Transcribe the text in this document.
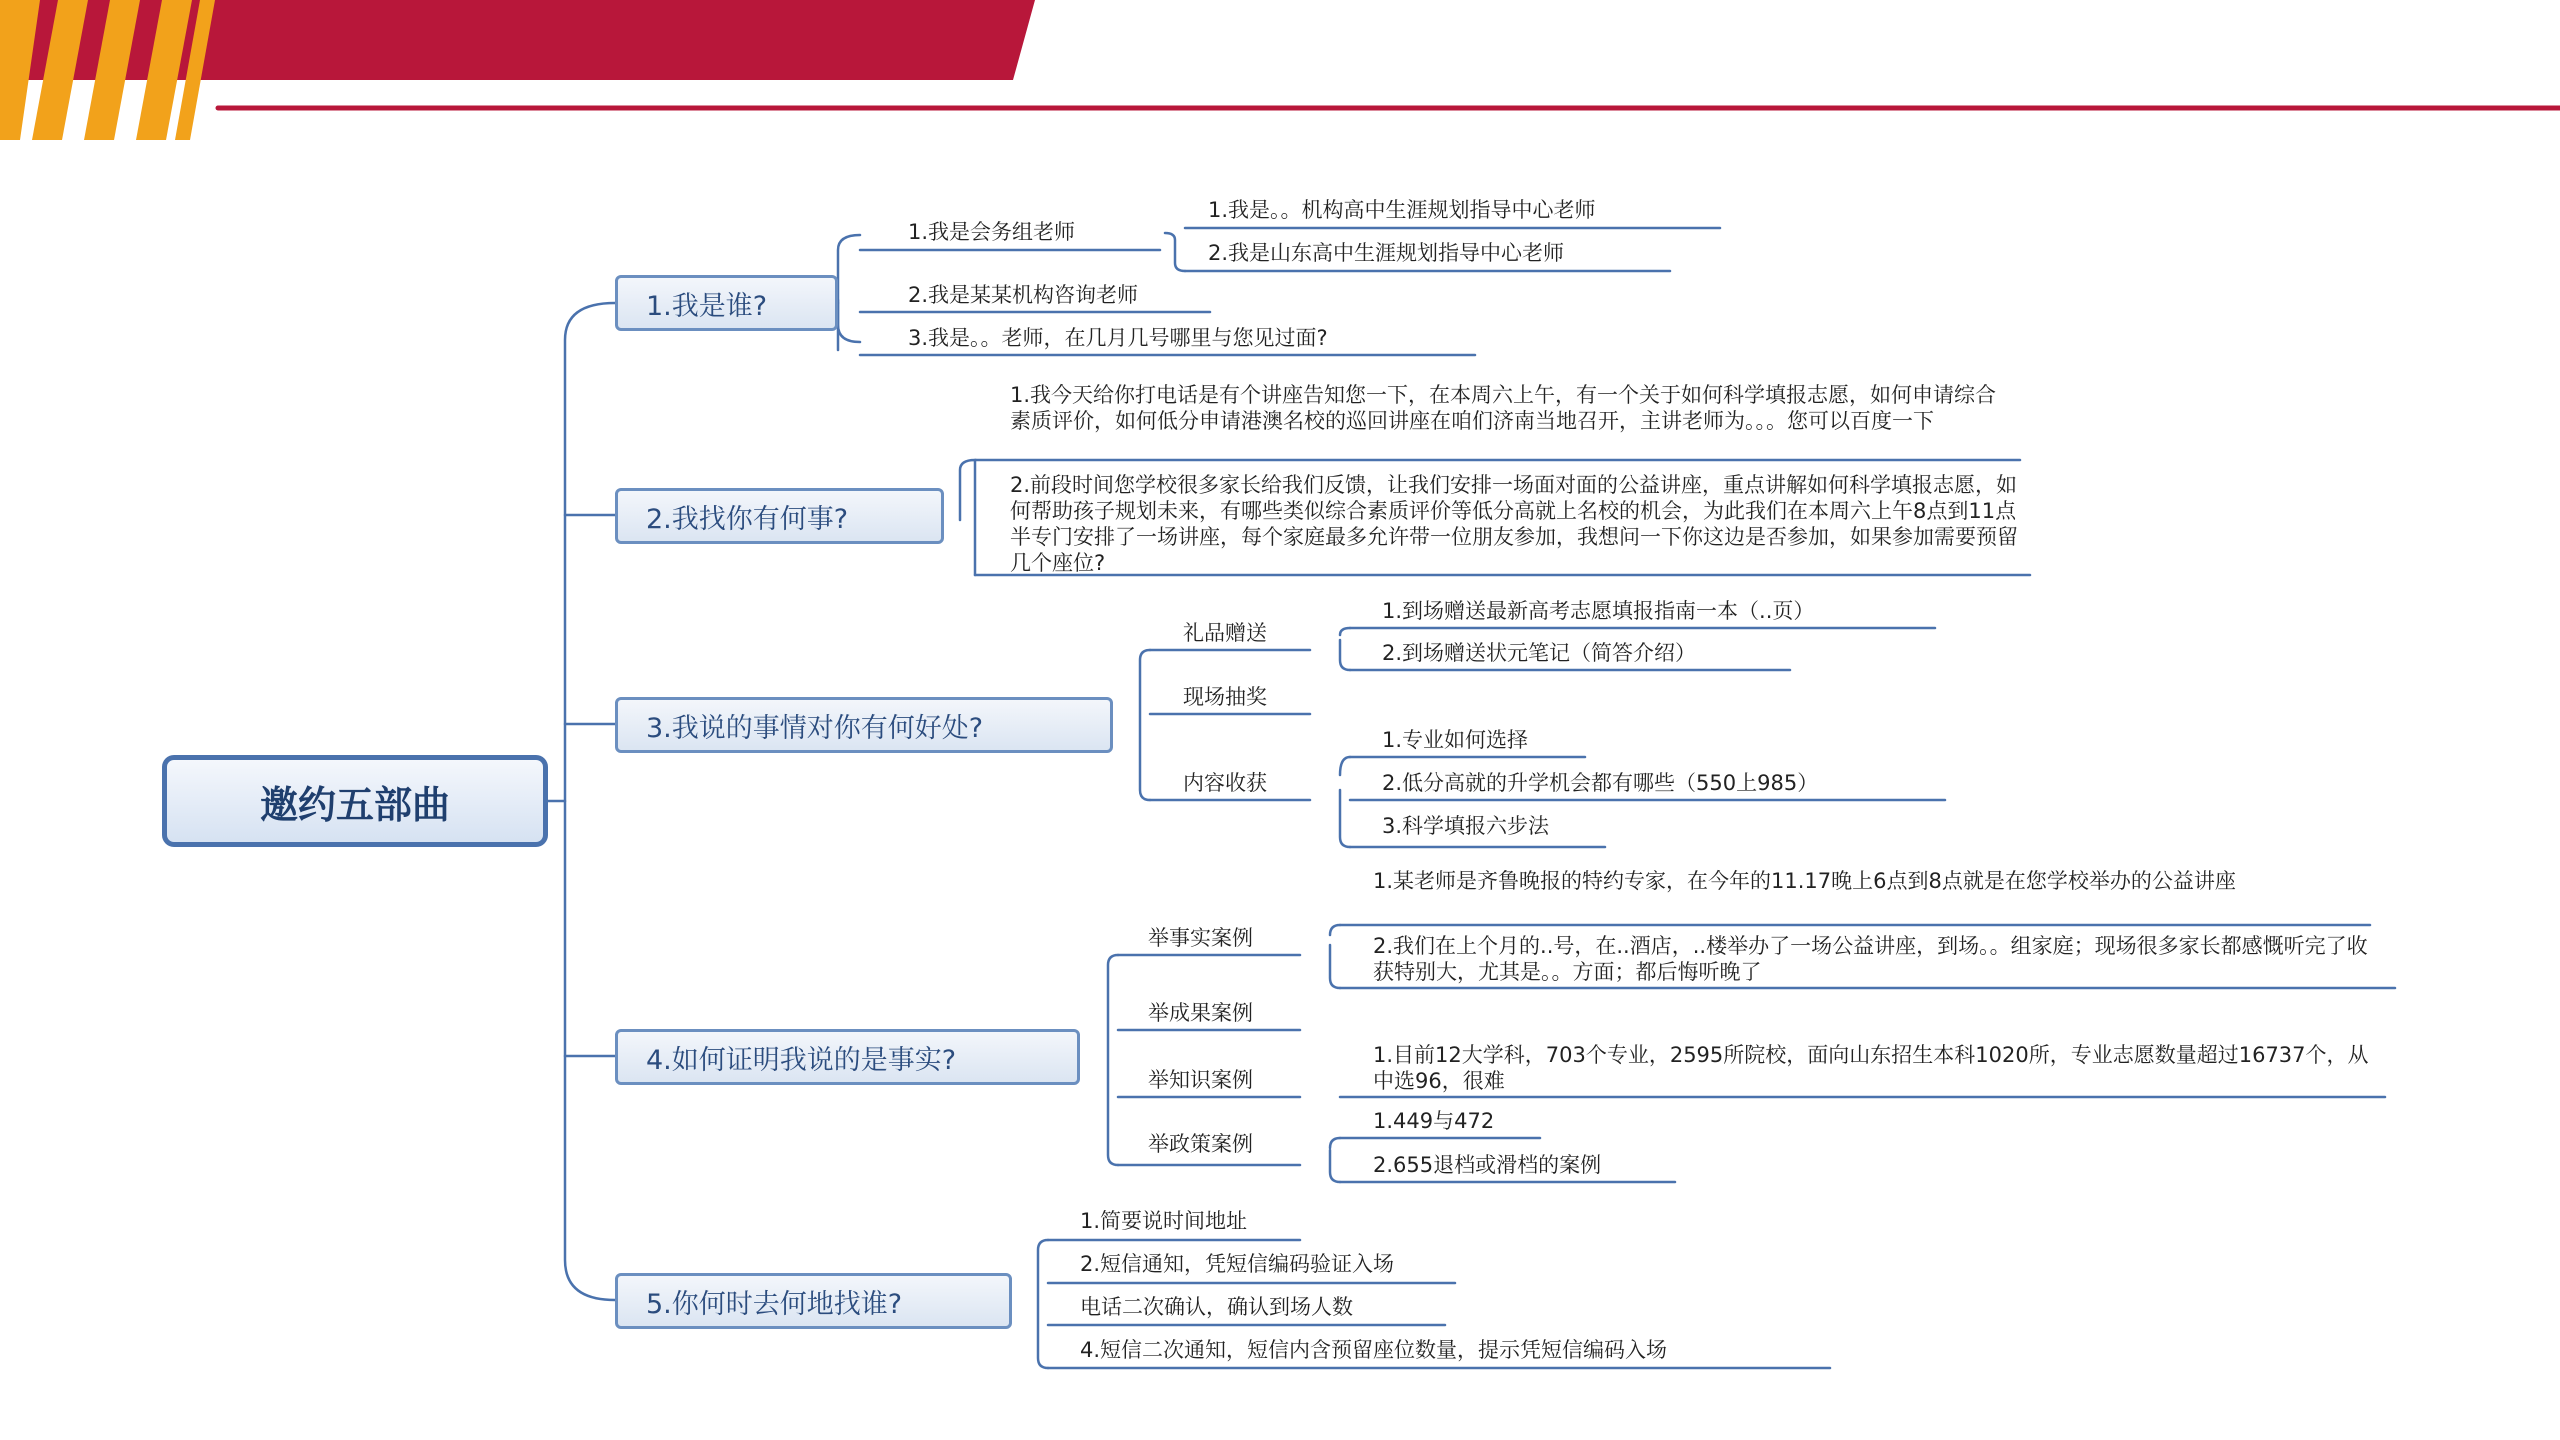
邀约五部曲
1.我是谁?
2.我找你有何事?
3.我说的事情对你有何好处?
4.如何证明我说的是事实?
5.你何时去何地找谁?
1.我是会务组老师
1.我是。。机构高中生涯规划指导中心老师
2.我是山东高中生涯规划指导中心老师
2.我是某某机构咨询老师
3.我是。。老师，在几月几号哪里与您见过面?
1.我今天给你打电话是有个讲座告知您一下，在本周六上午，有一个关于如何科学填报志愿，如何申请综合素质评价，如何低分申请港澳名校的巡回讲座在咱们济南当地召开，主讲老师为。。。您可以百度一下
2.前段时间您学校很多家长给我们反馈，让我们安排一场面对面的公益讲座，重点讲解如何科学填报志愿，如何帮助孩子规划未来，有哪些类似综合素质评价等低分高就上名校的机会，为此我们在本周六上午8点到11点半专门安排了一场讲座，每个家庭最多允许带一位朋友参加，我想问一下你这边是否参加，如果参加需要预留几个座位?
礼品赠送
1.到场赠送最新高考志愿填报指南一本（..页）
2.到场赠送状元笔记（简答介绍）
现场抽奖
内容收获
1.专业如何选择
2.低分高就的升学机会都有哪些（550上985）
3.科学填报六步法
举事实案例
1.某老师是齐鲁晚报的特约专家，在今年的11.17晚上6点到8点就是在您学校举办的公益讲座
2.我们在上个月的..号，在..酒店，..楼举办了一场公益讲座，到场。。组家庭；现场很多家长都感慨听完了收获特别大，尤其是。。方面；都后悔听晚了
举成果案例
举知识案例
1.目前12大学科，703个专业，2595所院校，面向山东招生本科1020所，专业志愿数量超过16737个，从中选96，很难
举政策案例
1.449与472
2.655退档或滑档的案例
1.简要说时间地址
2.短信通知，凭短信编码验证入场
电话二次确认，确认到场人数
4.短信二次通知，短信内含预留座位数量，提示凭短信编码入场
